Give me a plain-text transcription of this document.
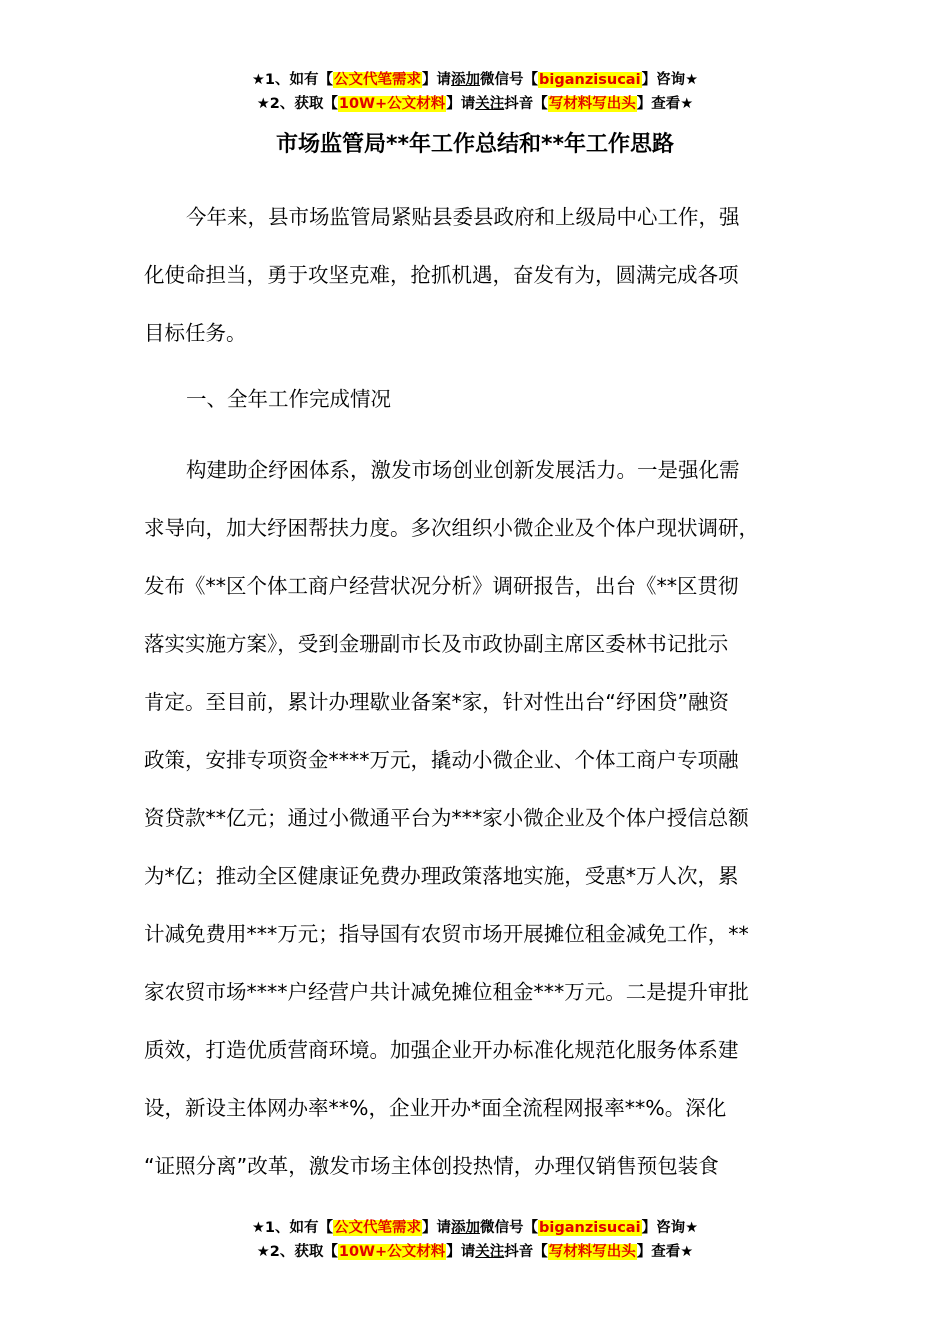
★1、如有【公文代笔需求】请添加微信号【biganzisucai】咨询★
★2、获取【10W+公文材料】请关注抖音【写材料写出头】查看★
市场监管局**年工作总结和**年工作思路

今年来，县市场监管局紧贴县委县政府和上级局中心工作，强
化使命担当，勇于攻坚克难，抢抓机遇，奋发有为，圆满完成各项
目标任务。

一、全年工作完成情况

构建助企纾困体系，激发市场创业创新发展活力。一是强化需
求导向，加大纾困帮扶力度。多次组织小微企业及个体户现状调研，
发布《**区个体工商户经营状况分析》调研报告，出台《**区贯彻
落实实施方案》，受到金珊副市长及市政协副主席区委林书记批示
肯定。至目前，累计办理歇业备案*家，针对性出台“纾困贷”融资
政策，安排专项资金****万元，撬动小微企业、个体工商户专项融
资贷款**亿元；通过小微通平台为***家小微企业及个体户授信总额
为*亿；推动全区健康证免费办理政策落地实施，受惠*万人次，累
计减免费用***万元；指导国有农贸市场开展摊位租金减免工作，**
家农贸市场****户经营户共计减免摊位租金***万元。二是提升审批
质效，打造优质营商环境。加强企业开办标准化规范化服务体系建
设，新设主体网办率**%，企业开办*面全流程网报率**%。深化
“证照分离”改革，激发市场主体创投热情，办理仅销售预包装食

★1、如有【公文代笔需求】请添加微信号【biganzisucai】咨询★
★2、获取【10W+公文材料】请关注抖音【写材料写出头】查看★
